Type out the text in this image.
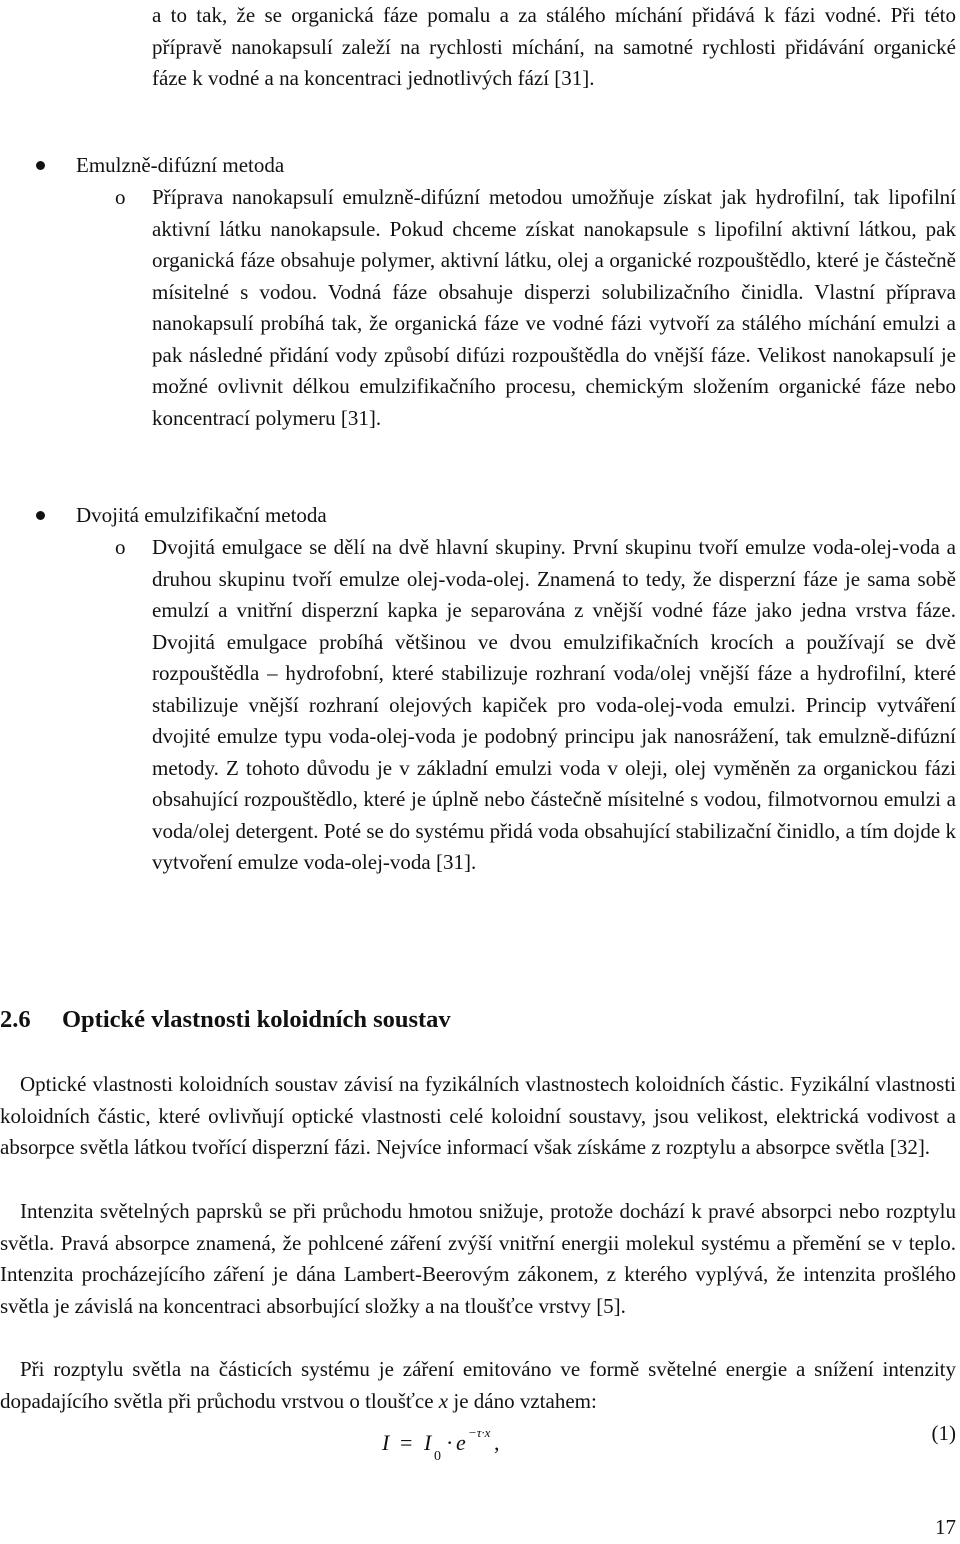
a to tak, že se organická fáze pomalu a za stálého míchání přidává k fázi vodné. Při této přípravě nanokapsulí zaleží na rychlosti míchání, na samotné rychlosti přidávání organické fáze k vodné a na koncentraci jednotlivých fází [31].
Emulzně-difúzní metoda
o Příprava nanokapsulí emulzně-difúzní metodou umožňuje získat jak hydrofilní, tak lipofilní aktivní látku nanokapsule. Pokud chceme získat nanokapsule s lipofilní aktivní látkou, pak organická fáze obsahuje polymer, aktivní látku, olej a organické rozpouštědlo, které je částečně mísitelné s vodou. Vodná fáze obsahuje disperzi solubilizačního činidla. Vlastní příprava nanokapsulí probíhá tak, že organická fáze ve vodné fázi vytvoří za stálého míchání emulzi a pak následné přidání vody způsobí difúzi rozpouštědla do vnější fáze. Velikost nanokapsulí je možné ovlivnit délkou emulzifikačního procesu, chemickým složením organické fáze nebo koncentrací polymeru [31].
Dvojitá emulzifikační metoda
o Dvojitá emulgace se dělí na dvě hlavní skupiny. První skupinu tvoří emulze voda-olej-voda a druhou skupinu tvoří emulze olej-voda-olej. Znamená to tedy, že disperzní fáze je sama sobě emulzí a vnitřní disperzní kapka je separována z vnější vodné fáze jako jedna vrstva fáze. Dvojitá emulgace probíhá většinou ve dvou emulzifikačních krocích a používají se dvě rozpouštědla – hydrofobní, které stabilizuje rozhraní voda/olej vnější fáze a hydrofilní, které stabilizuje vnější rozhraní olejových kapiček pro voda-olej-voda emulzi. Princip vytváření dvojité emulze typu voda-olej-voda je podobný principu jak nanosrážení, tak emulzně-difúzní metody. Z tohoto důvodu je v základní emulzi voda v oleji, olej vyměněn za organickou fázi obsahující rozpouštědlo, které je úplně nebo částečně mísitelné s vodou, filmotvornou emulzi a voda/olej detergent. Poté se do systému přidá voda obsahující stabilizační činidlo, a tím dojde k vytvoření emulze voda-olej-voda [31].
2.6 Optické vlastnosti koloidních soustav
Optické vlastnosti koloidních soustav závisí na fyzikálních vlastnostech koloidních částic. Fyzikální vlastnosti koloidních částic, které ovlivňují optické vlastnosti celé koloidní soustavy, jsou velikost, elektrická vodivost a absorpce světla látkou tvořící disperzní fázi. Nejvíce informací však získáme z rozptylu a absorpce světla [32].
Intenzita světelných paprsků se při průchodu hmotou snižuje, protože dochází k pravé absorpci nebo rozptylu světla. Pravá absorpce znamená, že pohlcené záření zvýší vnitřní energii molekul systému a přemění se v teplo. Intenzita procházejícího záření je dána Lambert-Beerovým zákonem, z kterého vyplývá, že intenzita prošlého světla je závislá na koncentraci absorbující složky a na tloušťce vrstvy [5].
Při rozptylu světla na částicích systému je záření emitováno ve formě světelné energie a snížení intenzity dopadajícího světla při průchodu vrstvou o tloušťce x je dáno vztahem:
I = I
0
· e −τ·x ,	(1)
17
